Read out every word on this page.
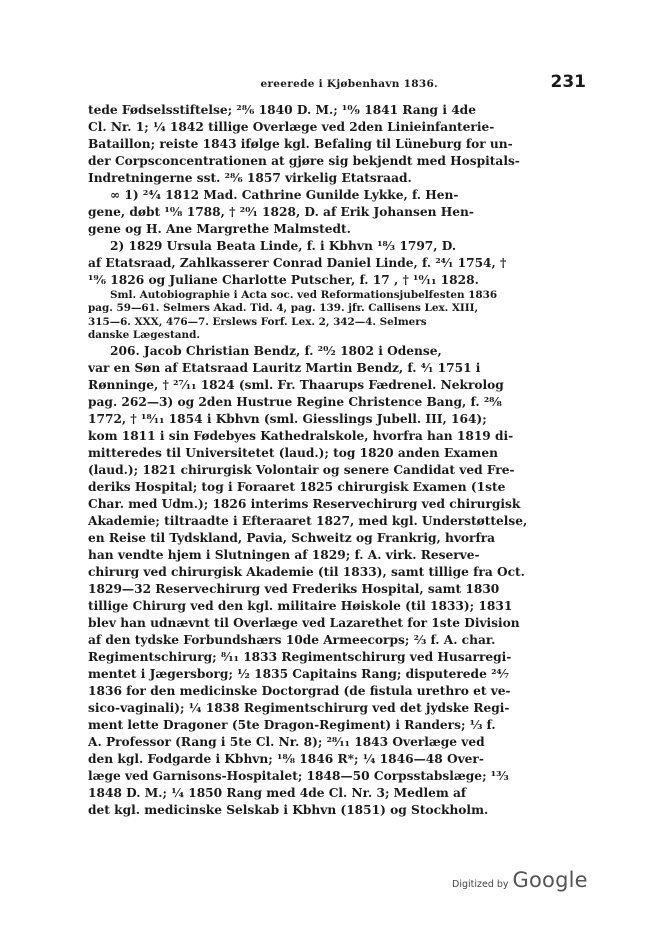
ereerede i Kjøbenhavn 1836.	231
tede Fødselsstiftelse; ²⁸⁄₆ 1840 D. M.; ¹⁰⁄₉ 1841 Rang i 4de
Cl. Nr. 1; ¼ 1842 tillige Overlæge ved 2den Linieinfanterie-
Bataillon; reiste 1843 ifølge kgl. Befaling til Lüneburg for un-
der Corpsconcentrationen at gjøre sig bekjendt med Hospitals-
Indretningerne sst. ²⁸⁄₆ 1857 virkelig Etatsraad.
∞ 1) ²⁴⁄₄ 1812 Mad. Cathrine Gunilde Lykke, f. Hen-
gene, døbt ¹⁰⁄₈ 1788, † ²⁰⁄₁ 1828, D. af Erik Johansen Hen-
gene og H. Ane Margrethe Malmstedt.
2) 1829 Ursula Beata Linde, f. i Kbhvn ¹⁸⁄₃ 1797, D.
af Etatsraad, Zahlkasserer Conrad Daniel Linde, f. ²⁴⁄₁ 1754, †
¹⁹⁄₆ 1826 og Juliane Charlotte Putscher, f. 17 , † ¹⁰⁄₁₁ 1828.
Sml. Autobiographie i Acta soc. ved Reformationsjubelfesten 1836
pag. 59—61. Selmers Akad. Tid. 4, pag. 139. jfr. Callisens Lex. XIII,
315—6. XXX, 476—7. Erslews Forf. Lex. 2, 342—4. Selmers
danske Lægestand.
206. Jacob Christian Bendz, f. ²⁰⁄₂ 1802 i Odense,
var en Søn af Etatsraad Lauritz Martin Bendz, f. ⁴⁄₁ 1751 i
Rønninge, † ²⁷⁄₁₁ 1824 (sml. Fr. Thaarups Fædrenel. Nekrolog
pag. 262—3) og 2den Hustrue Regine Christence Bang, f. ²⁸⁄₈
1772, † ¹⁸⁄₁₁ 1854 i Kbhvn (sml. Giesslings Jubell. III, 164);
kom 1811 i sin Fødebyes Kathedralskole, hvorfra han 1819 di-
mitteredes til Universitetet (laud.); tog 1820 anden Examen
(laud.); 1821 chirurgisk Volontair og senere Candidat ved Fre-
deriks Hospital; tog i Foraaret 1825 chirurgisk Examen (1ste
Char. med Udm.); 1826 interims Reservechirurg ved chirurgisk
Akademie; tiltraadte i Efteraaret 1827, med kgl. Understøttelse,
en Reise til Tydskland, Pavia, Schweitz og Frankrig, hvorfra
han vendte hjem i Slutningen af 1829; f. A. virk. Reserve-
chirurg ved chirurgisk Akademie (til 1833), samt tillige fra Oct.
1829—32 Reservechirurg ved Frederiks Hospital, samt 1830
tillige Chirurg ved den kgl. militaire Høiskole (til 1833); 1831
blev han udnævnt til Overlæge ved Lazarethet for 1ste Division
af den tydske Forbundshærs 10de Armeecorps; ⅔ f. A. char.
Regimentschirurg; ⁸⁄₁₁ 1833 Regimentschirurg ved Husarregi-
mentet i Jægersborg; ½ 1835 Capitains Rang; disputerede ²⁴⁄₇
1836 for den medicinske Doctorgrad (de fistula urethro et ve-
sico-vaginali); ¼ 1838 Regimentschirurg ved det jydske Regi-
ment lette Dragoner (5te Dragon-Regiment) i Randers; ⅓ f.
A. Professor (Rang i 5te Cl. Nr. 8); ²⁸⁄₁₁ 1843 Overlæge ved
den kgl. Fodgarde i Kbhvn; ¹⁸⁄₈ 1846 R*; ¼ 1846—48 Over-
læge ved Garnisons-Hospitalet; 1848—50 Corpsstabslæge; ¹³⁄₃
1848 D. M.; ¼ 1850 Rang med 4de Cl. Nr. 3; Medlem af
det kgl. medicinske Selskab i Kbhvn (1851) og Stockholm.
Digitized by Google
